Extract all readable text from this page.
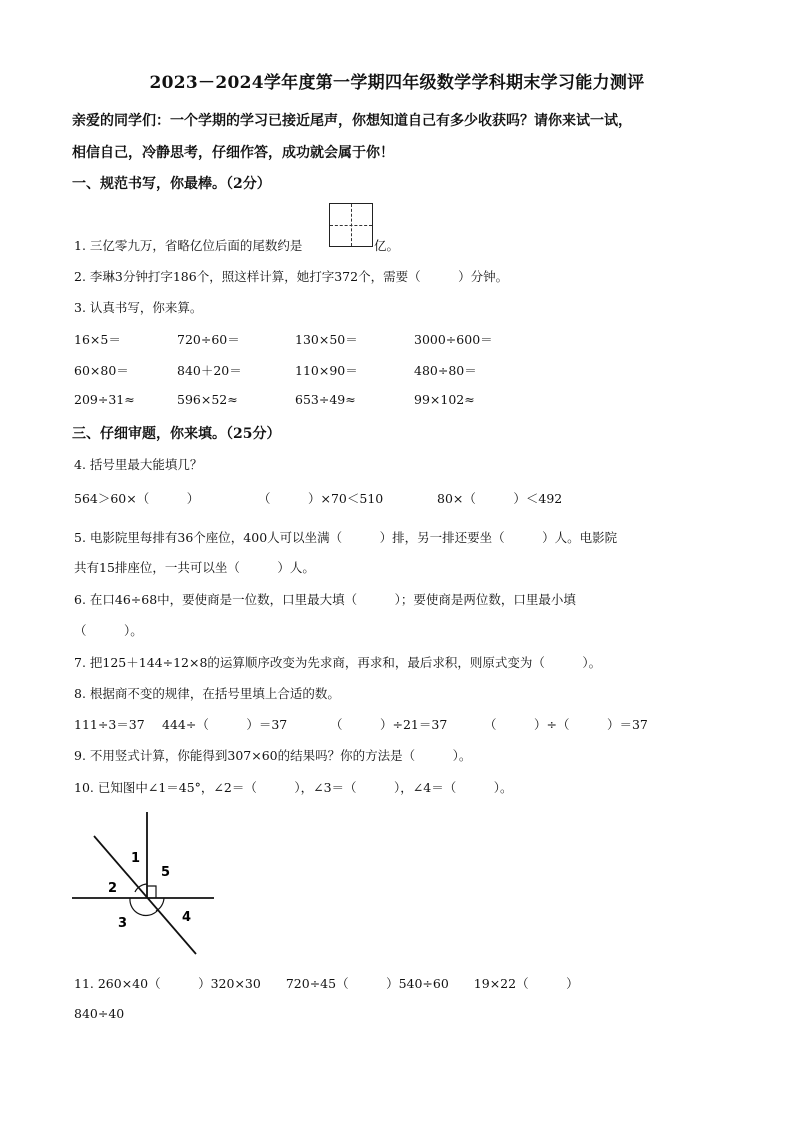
2023－2024学年度第一学期四年级数学学科期末学习能力测评
亲爱的同学们：一个学期的学习已接近尾声，你想知道自己有多少收获吗？请你来试一试，
相信自己，冷静思考，仔细作答，成功就会属于你！
一、规范书写，你最棒。（2分）
1. 三亿零九万，省略亿位后面的尾数约是	亿。
2. 李琳3分钟打字186个，照这样计算，她打字372个，需要（　　　）分钟。
3. 认真书写，你来算。
16×5＝	720÷60＝	130×50＝	3000÷600＝
60×80＝	840＋20＝	110×90＝	480÷80＝
209÷31≈	596×52≈	653÷49≈	99×102≈
三、仔细审题，你来填。（25分）
4. 括号里最大能填几？
564＞60×（　　　）	（　　　）×70＜510	80×（　　　）＜492
5. 电影院里每排有36个座位，400人可以坐满（　　　）排，另一排还要坐（　　　）人。电影院
共有15排座位，一共可以坐（　　　）人。
6. 在口46÷68中，要使商是一位数，口里最大填（　　　）；要使商是两位数，口里最小填
（　　　）。
7. 把125＋144÷12×8的运算顺序改变为先求商，再求和，最后求积，则原式变为（　　　）。
8. 根据商不变的规律，在括号里填上合适的数。
111÷3＝37 444÷（　　　）＝37	（　　　）÷21＝37	（　　　）÷（　　　）＝37
9. 不用竖式计算，你能得到307×60的结果吗？你的方法是（　　　）。
10. 已知图中∠1＝45°，∠2＝（　　　），∠3＝（　　　），∠4＝（　　　）。
1
2
3	4
5
11. 260×40（　　　）320×30　　720÷45（　　　）540÷60　　19×22（　　　）
840÷40
